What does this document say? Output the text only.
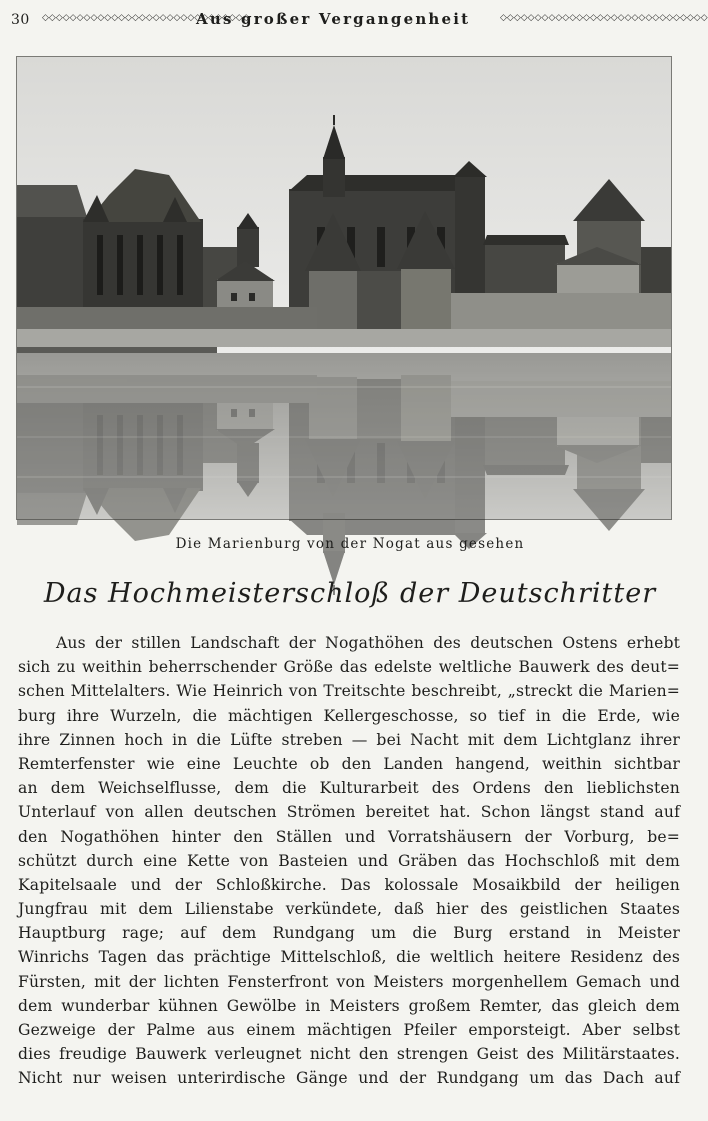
30 ◇◇◇◇◇◇◇◇◇◇◇◇◇◇◇◇◇◇◇◇◇◇◇◇◇◇◇◇◇◇
Aus großer Vergangenheit	◇◇◇◇◇◇◇◇◇◇◇◇◇◇◇◇◇◇◇◇◇◇◇◇◇◇◇◇◇◇
Die Marienburg von der Nogat aus gesehen
Das Hochmeisterschloß der Deutschritter
Aus der stillen Landschaft der Nogathöhen des deutschen Ostens erhebt
sich zu weithin beherrschender Größe das edelste weltliche Bauwerk des deut=
schen Mittelalters. Wie Heinrich von Treitschte beschreibt, „streckt die Marien=
burg ihre Wurzeln, die mächtigen Kellergeschosse, so tief in die Erde, wie
ihre Zinnen hoch in die Lüfte streben — bei Nacht mit dem Lichtglanz ihrer
Remterfenster wie eine Leuchte ob den Landen hangend, weithin sichtbar
an dem Weichselflusse, dem die Kulturarbeit des Ordens den lieblichsten
Unterlauf von allen deutschen Strömen bereitet hat. Schon längst stand auf
den Nogathöhen hinter den Ställen und Vorratshäusern der Vorburg, be=
schützt durch eine Kette von Basteien und Gräben das Hochschloß mit dem
Kapitelsaale und der Schloßkirche. Das kolossale Mosaikbild der heiligen
Jungfrau mit dem Lilienstabe verkündete, daß hier des geistlichen Staates
Hauptburg rage; auf dem Rundgang um die Burg erstand in Meister
Winrichs Tagen das prächtige Mittelschloß, die weltlich heitere Residenz des
Fürsten, mit der lichten Fensterfront von Meisters morgenhellem Gemach und
dem wunderbar kühnen Gewölbe in Meisters großem Remter, das gleich dem
Gezweige der Palme aus einem mächtigen Pfeiler emporsteigt. Aber selbst
dies freudige Bauwerk verleugnet nicht den strengen Geist des Militärstaates.
Nicht nur weisen unterirdische Gänge und der Rundgang um das Dach auf
